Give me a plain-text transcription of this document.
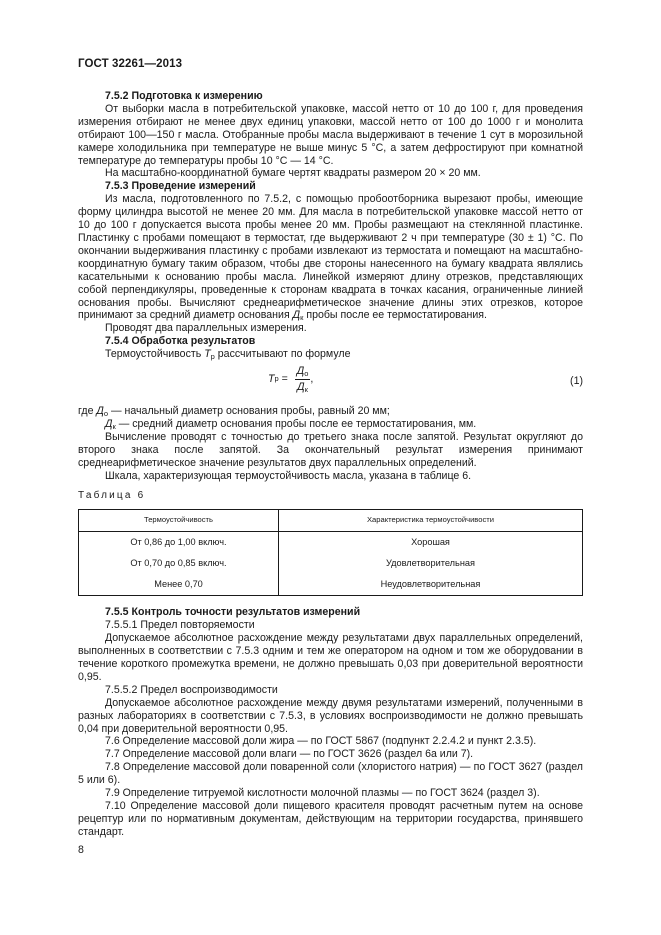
ГОСТ 32261—2013
7.5.2 Подготовка к измерению

От выборки масла в потребительской упаковке, массой нетто от 10 до 100 г, для проведения измерения отбирают не менее двух единиц упаковки, массой нетто от 100 до 1000 г и монолита отбирают 100—150 г масла. Отобранные пробы масла выдерживают в течение 1 сут в морозильной камере холодильника при температуре не выше минус 5 °С, а затем дефростируют при комнатной температуре до температуры пробы 10 °С — 14 °С.

На масштабно-координатной бумаге чертят квадраты размером 20 × 20 мм.

7.5.3 Проведение измерений

Из масла, подготовленного по 7.5.2, с помощью пробоотборника вырезают пробы, имеющие форму цилиндра высотой не менее 20 мм. Для масла в потребительской упаковке массой нетто от 10 до 100 г допускается высота пробы менее 20 мм. Пробы размещают на стеклянной пластинке. Пластинку с пробами помещают в термостат, где выдерживают 2 ч при температуре (30 ± 1) °С. По окончании выдерживания пластинку с пробами извлекают из термостата и помещают на масштабно-координатную бумагу таким образом, чтобы две стороны нанесенного на бумагу квадрата являлись касательными к основанию пробы масла. Линейкой измеряют длину отрезков, представляющих собой перпендикуляры, проведенные к сторонам квадрата в точках касания, ограниченные линией основания пробы. Вычисляют среднеарифметическое значение длины этих отрезков, которое принимают за средний диаметр основания $Д_к$ пробы после ее термостатирования.

Проводят два параллельных измерения.

7.5.4 Обработка результатов

Термоустойчивость $Т_р$ рассчитывают по формуле

Т $р = \frac{Д_о}{Д_к}$ ,	(1)

где $Д_о$ — начальный диаметр основания пробы, равный 20 мм;

$Д_к$ — средний диаметр основания пробы после ее термостатирования, мм.

Вычисление проводят с точностью до третьего знака после запятой. Результат округляют до второго знака после запятой. За окончательный результат измерения принимают среднеарифметическое значение результатов двух параллельных определений.

Шкала, характеризующая термоустойчивость масла, указана в таблице 6.

Таблица 6
Термоустойчивость	Характеристика термоустойчивости
От 0,86 до 1,00 включ.	Хорошая
От 0,70 до 0,85 включ.	Удовлетворительная
Менее 0,70	Неудовлетворительная
7.5.5 Контроль точности результатов измерений

7.5.5.1 Предел повторяемости

Допускаемое абсолютное расхождение между результатами двух параллельных определений, выполненных в соответствии с 7.5.3 одним и тем же оператором на одном и том же оборудовании в течение короткого промежутка времени, не должно превышать 0,03 при доверительной вероятности 0,95.

7.5.5.2 Предел воспроизводимости

Допускаемое абсолютное расхождение между двумя результатами измерений, полученными в разных лабораториях в соответствии с 7.5.3, в условиях воспроизводимости не должно превышать 0,04 при доверительной вероятности 0,95.

7.6 Определение массовой доли жира — по ГОСТ 5867 (подпункт 2.2.4.2 и пункт 2.3.5).

7.7 Определение массовой доли влаги — по ГОСТ 3626 (раздел 6а или 7).

7.8 Определение массовой доли поваренной соли (хлористого натрия) — по ГОСТ 3627 (раздел 5 или 6).

7.9 Определение титруемой кислотности молочной плазмы — по ГОСТ 3624 (раздел 3).

7.10 Определение массовой доли пищевого красителя проводят расчетным путем на основе рецептур или по нормативным документам, действующим на территории государства, принявшего стандарт.

8
